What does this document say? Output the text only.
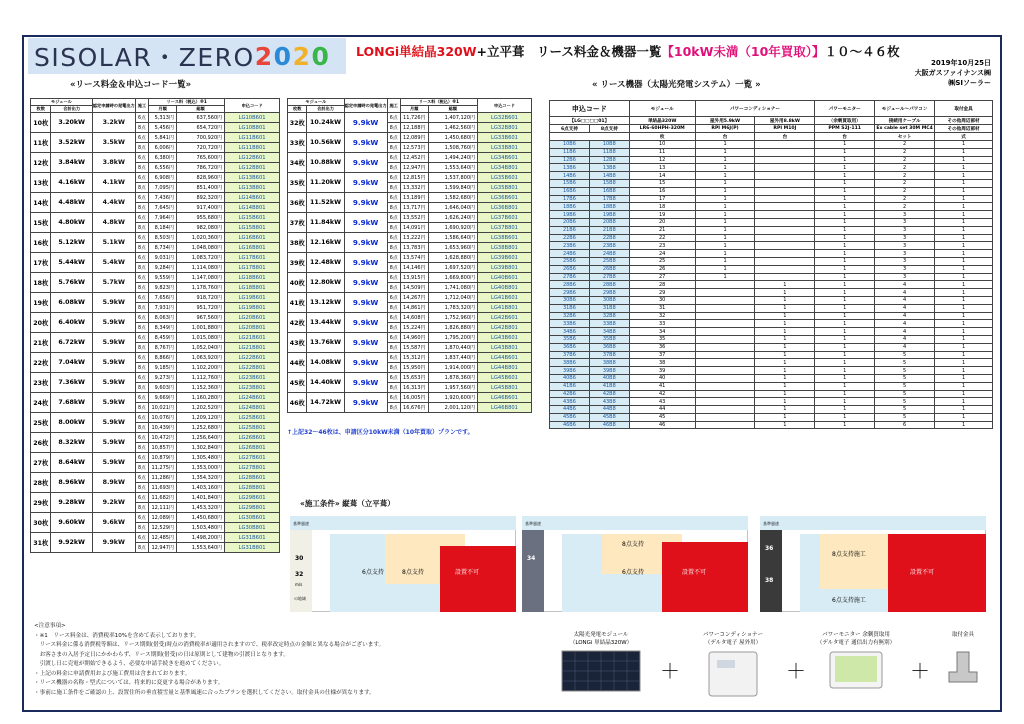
SISOLAR・ZERO 2 0 2 0 LONGi単結晶320W+立平葺　リース料金＆機器一覧【10kW未満（10年買取）】１０～４６枚
2019年10月25日
大阪ガスファイナンス㈱
㈱SIソーラー
«リース料金＆申込コード一覧»	« リース機器（太陽光発電システム）一覧 »
モジュール		認定申請時の発電出力	施工	リース料（税込）※1		申込コード
枚数	合計出力			月額	総額	
10枚	3.20kW	3.2kW	6点	5,313円	637,560円	LG10B601
			8点	5,456円	654,720円	LG10B801
11枚	3.52kW	3.5kW	6点	5,841円	700,920円	LG11B601
			8点	6,006円	720,720円	LG11B801
12枚	3.84kW	3.8kW	6点	6,380円	765,600円	LG12B601
			8点	6,556円	786,720円	LG12B801
13枚	4.16kW	4.1kW	6点	6,908円	828,960円	LG13B601
			8点	7,095円	851,400円	LG13B801
14枚	4.48kW	4.4kW	6点	7,436円	892,320円	LG14B601
			8点	7,645円	917,400円	LG14B801
15枚	4.80kW	4.8kW	6点	7,964円	955,680円	LG15B601
			8点	8,184円	982,080円	LG15B801
16枚	5.12kW	5.1kW	6点	8,503円	1,020,360円	LG16B601
			8点	8,734円	1,048,080円	LG16B801
17枚	5.44kW	5.4kW	6点	9,031円	1,083,720円	LG17B601
			8点	9,284円	1,114,080円	LG17B801
18枚	5.76kW	5.7kW	6点	9,559円	1,147,080円	LG18B601
			8点	9,823円	1,178,760円	LG18B801
19枚	6.08kW	5.9kW	6点	7,656円	918,720円	LG19B601
			8点	7,931円	951,720円	LG19B801
20枚	6.40kW	5.9kW	6点	8,063円	967,560円	LG20B601
			8点	8,349円	1,001,880円	LG20B801
21枚	6.72kW	5.9kW	6点	8,459円	1,015,080円	LG21B601
			8点	8,767円	1,052,040円	LG21B801
22枚	7.04kW	5.9kW	6点	8,866円	1,063,920円	LG22B601
			8点	9,185円	1,102,200円	LG22B801
23枚	7.36kW	5.9kW	6点	9,273円	1,112,760円	LG23B601
			8点	9,603円	1,152,360円	LG23B801
24枚	7.68kW	5.9kW	6点	9,669円	1,160,280円	LG24B601
			8点	10,021円	1,202,520円	LG24B801
25枚	8.00kW	5.9kW	6点	10,076円	1,209,120円	LG25B601
			8点	10,439円	1,252,680円	LG25B801
26枚	8.32kW	5.9kW	6点	10,472円	1,256,640円	LG26B601
			8点	10,857円	1,302,840円	LG26B801
27枚	8.64kW	5.9kW	6点	10,879円	1,305,480円	LG27B601
			8点	11,275円	1,353,000円	LG27B801
28枚	8.96kW	8.9kW	6点	11,286円	1,354,320円	LG28B601
			8点	11,693円	1,403,160円	LG28B801
29枚	9.28kW	9.2kW	6点	11,682円	1,401,840円	LG29B601
			8点	12,111円	1,453,320円	LG29B801
30枚	9.60kW	9.6kW	6点	12,089円	1,450,680円	LG30B601
			8点	12,529円	1,503,480円	LG30B801
31枚	9.92kW	9.9kW	6点	12,485円	1,498,200円	LG31B601
			8点	12,947円	1,553,640円	LG31B801
モジュール		認定申請時の発電出力	施工	リース料（税込）※1		申込コード
枚数	合計出力			月額	総額	
32枚	10.24kW	9.9kW	6点	11,726円	1,407,120円	LG32B601
			8点	12,188円	1,462,560円	LG32B801
33枚	10.56kW	9.9kW	6点	12,089円	1,450,680円	LG33B601
			8点	12,573円	1,508,760円	LG33B801
34枚	10.88kW	9.9kW	6点	12,452円	1,494,240円	LG34B601
			8点	12,947円	1,553,640円	LG34B801
35枚	11.20kW	9.9kW	6点	12,815円	1,537,800円	LG35B601
			8点	13,332円	1,599,840円	LG35B801
36枚	11.52kW	9.9kW	6点	13,189円	1,582,680円	LG36B601
			8点	13,717円	1,646,040円	LG36B801
37枚	11.84kW	9.9kW	6点	13,552円	1,626,240円	LG37B601
			8点	14,091円	1,690,920円	LG37B801
38枚	12.16kW	9.9kW	6点	13,222円	1,586,640円	LG38B601
			8点	13,783円	1,653,960円	LG38B801
39枚	12.48kW	9.9kW	6点	13,574円	1,628,880円	LG39B601
			8点	14,146円	1,697,520円	LG39B801
40枚	12.80kW	9.9kW	6点	13,915円	1,669,800円	LG40B601
			8点	14,509円	1,741,080円	LG40B801
41枚	13.12kW	9.9kW	6点	14,267円	1,712,040円	LG41B601
			8点	14,861円	1,783,320円	LG41B801
42枚	13.44kW	9.9kW	6点	14,608円	1,752,960円	LG42B601
			8点	15,224円	1,826,880円	LG42B801
43枚	13.76kW	9.9kW	6点	14,960円	1,795,200円	LG43B601
			8点	15,587円	1,870,440円	LG43B801
44枚	14.08kW	9.9kW	6点	15,312円	1,837,440円	LG44B601
			8点	15,950円	1,914,000円	LG44B801
45枚	14.40kW	9.9kW	6点	15,653円	1,878,360円	LG45B601
			8点	16,313円	1,957,560円	LG45B801
46枚	14.72kW	9.9kW	6点	16,005円	1,920,600円	LG46B601
			8点	16,676円	2,001,120円	LG46B801
↑上記32～46枚は、申請区分10kW未満（10年買取）プランです。
申込コード		モジュール	パワーコンディショナー		パワーモニター	モジュール～パワコン	取付金具
【LG□□□□01】		単結晶320W	屋外用5.9kW	屋外用8.8kW	（余剰買取用）	接続用ケーブル	その他周辺部材
6点支持	8点支持	LR6-60HPH-320M	RPI M6J(P)	RPI M10J	PPM S2J-111	Ex cable set 30M MC4	その他周辺部材
		枚	台	台	台	セット	式
10B6	10B8	10	1		1	2	1
11B6	11B8	11	1		1	2	1
12B6	12B8	12	1		1	2	1
13B6	13B8	13	1		1	2	1
14B6	14B8	14	1		1	2	1
15B6	15B8	15	1		1	2	1
16B6	16B8	16	1		1	2	1
17B6	17B8	17	1		1	2	1
18B6	18B8	18	1		1	2	1
19B6	19B8	19	1		1	3	1
20B6	20B8	20	1		1	3	1
21B6	21B8	21	1		1	3	1
22B6	22B8	22	1		1	3	1
23B6	23B8	23	1		1	3	1
24B6	24B8	24	1		1	3	1
25B6	25B8	25	1		1	3	1
26B6	26B8	26	1		1	3	1
27B6	27B8	27	1		1	3	1
28B6	28B8	28		1	1	4	1
29B6	29B8	29		1	1	4	1
30B6	30B8	30		1	1	4	1
31B6	31B8	31		1	1	4	1
32B6	32B8	32		1	1	4	1
33B6	33B8	33		1	1	4	1
34B6	34B8	34		1	1	4	1
35B6	35B8	35		1	1	4	1
36B6	36B8	36		1	1	4	1
37B6	37B8	37		1	1	5	1
38B6	38B8	38		1	1	5	1
39B6	39B8	39		1	1	5	1
40B6	40B8	40		1	1	5	1
41B6	41B8	41		1	1	5	1
42B6	42B8	42		1	1	5	1
43B6	43B8	43		1	1	5	1
44B6	44B8	44		1	1	5	1
45B6	45B8	45		1	1	5	1
46B6	46B8	46		1	1	6	1
«施工条件» 縦葺（立平葺）
基準風速
30
32
m/s
の地域
6点支持	8点支持	設置不可
基準風速
34
8点支持
6点支持	設置不可
基準風速
36
38
8点支持施工
6点支持施工
設置不可
<注意事項>
・※1　リース料金は、消費税率10%を含めて表示しております。
　リース料金に係る消費税等額は、リース期間(借受)時点の消費税率が適用されますので、税率改定時点の金額と異なる場合がございます。
　お客さまの入居予定日にかかわらず、リース期間(借受)の日は原則として建物の引渡日となります。
　引渡し日に売電が開始できるよう、必要な申請手続きを進めてください。
・上記の料金に申請費用および施工費用は含まれております。
・リース機器の名称・型式については、将来的に変更する場合があります。
・事前に施工条件をご確認の上、設置住所の垂直積雪量と基準風速に合ったプランを選択してください。取付金具の仕様が異なります。
太陽光発電モジュール
（LONGi 単結晶320W）
＋
パワーコンディショナー
（デルタ電子 屋外用）
＋
パワーモニター 余剰買取用
（デルタ電子 通信出力有無別）
＋
取付金具
